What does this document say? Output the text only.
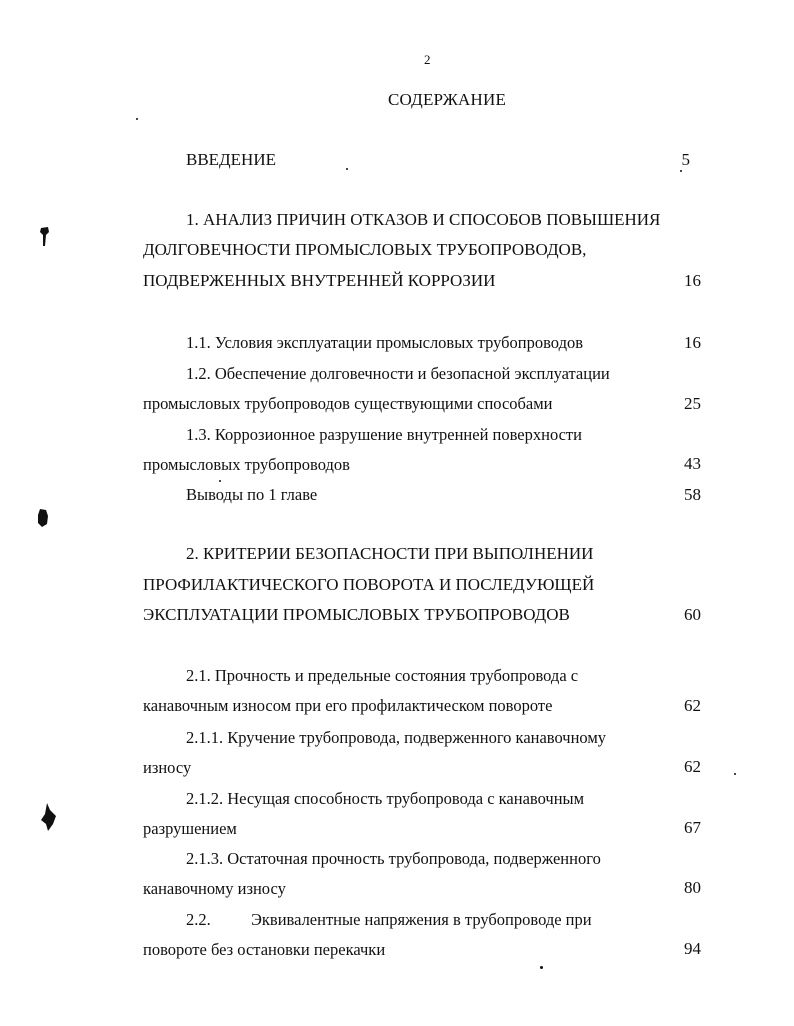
2
СОДЕРЖАНИЕ
ВВЕДЕНИЕ	5
1. АНАЛИЗ ПРИЧИН ОТКАЗОВ И СПОСОБОВ ПОВЫШЕНИЯ
ДОЛГОВЕЧНОСТИ ПРОМЫСЛОВЫХ ТРУБОПРОВОДОВ,
ПОДВЕРЖЕННЫХ ВНУТРЕННЕЙ КОРРОЗИИ	16
1.1. Условия эксплуатации промысловых трубопроводов	16
1.2. Обеспечение долговечности и безопасной эксплуатации
промысловых трубопроводов существующими способами	25
1.3. Коррозионное разрушение внутренней поверхности
промысловых трубопроводов	43
Выводы по 1 главе	58
2. КРИТЕРИИ БЕЗОПАСНОСТИ ПРИ ВЫПОЛНЕНИИ
ПРОФИЛАКТИЧЕСКОГО ПОВОРОТА И ПОСЛЕДУЮЩЕЙ
ЭКСПЛУАТАЦИИ ПРОМЫСЛОВЫХ ТРУБОПРОВОДОВ	60
2.1. Прочность и предельные состояния трубопровода с
канавочным износом при его профилактическом повороте	62
2.1.1. Кручение трубопровода, подверженного канавочному
износу	62
2.1.2. Несущая способность трубопровода с канавочным
разрушением	67
2.1.3. Остаточная прочность трубопровода, подверженного
канавочному износу	80
2.2. Эквивалентные напряжения в трубопроводе при
повороте без остановки перекачки	94
